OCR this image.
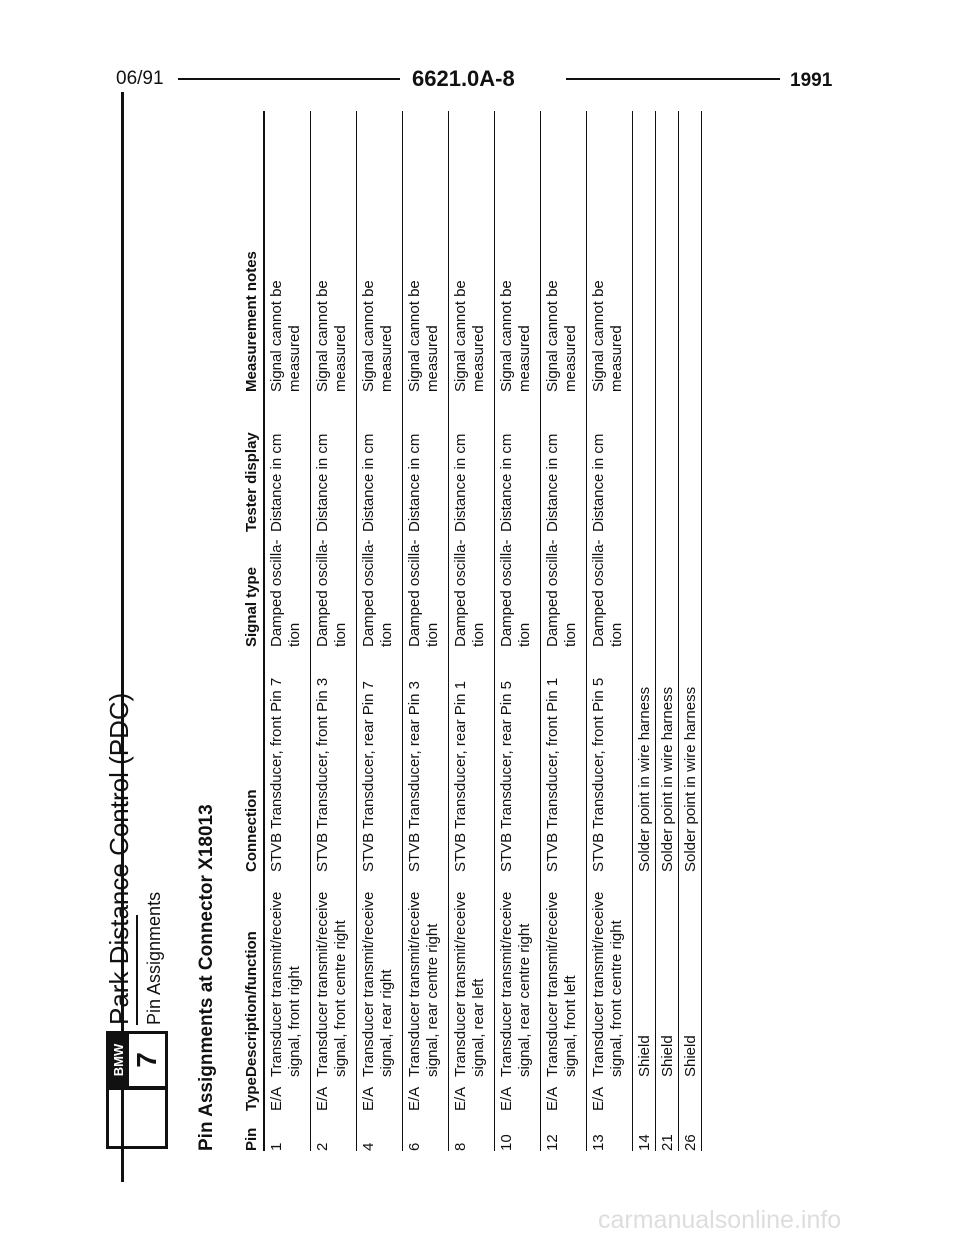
06/91	6621.0A-8	1991
BMW 7
Park Distance Control (PDC) Pin Assignments Pin Assignments at Connector X18013 Pin
Type
Description/function
Connection
Signal type
Tester display
Measurement notes
1
E/A
Transducer transmit/receive signal, front right
STVB Transducer, front Pin 7
Damped oscilla-tion
Distance in cm
Signal cannot be measured
2
E/A
Transducer transmit/receive signal, front centre right
STVB Transducer, front Pin 3
Damped oscilla-tion
Distance in cm
Signal cannot be measured
4
E/A
Transducer transmit/receive signal, rear right
STVB Transducer, rear Pin 7
Damped oscilla-tion
Distance in cm
Signal cannot be measured
6
E/A
Transducer transmit/receive signal, rear centre right
STVB Transducer, rear Pin 3
Damped oscilla-tion
Distance in cm
Signal cannot be measured
8
E/A
Transducer transmit/receive signal, rear left
STVB Transducer, rear Pin 1
Damped oscilla-tion
Distance in cm
Signal cannot be measured
10
E/A
Transducer transmit/receive signal, rear centre right
STVB Transducer, rear Pin 5
Damped oscilla-tion
Distance in cm
Signal cannot be measured
12
E/A
Transducer transmit/receive signal, front left
STVB Transducer, front Pin 1
Damped oscilla-tion
Distance in cm
Signal cannot be measured
13
E/A
Transducer transmit/receive signal, front centre right
STVB Transducer, front Pin 5
Damped oscilla-tion
Distance in cm
Signal cannot be measured
14
Shield
Solder point in wire harness
21
Shield
Solder point in wire harness
26
Shield
Solder point in wire harness
carmanualsonline.info
